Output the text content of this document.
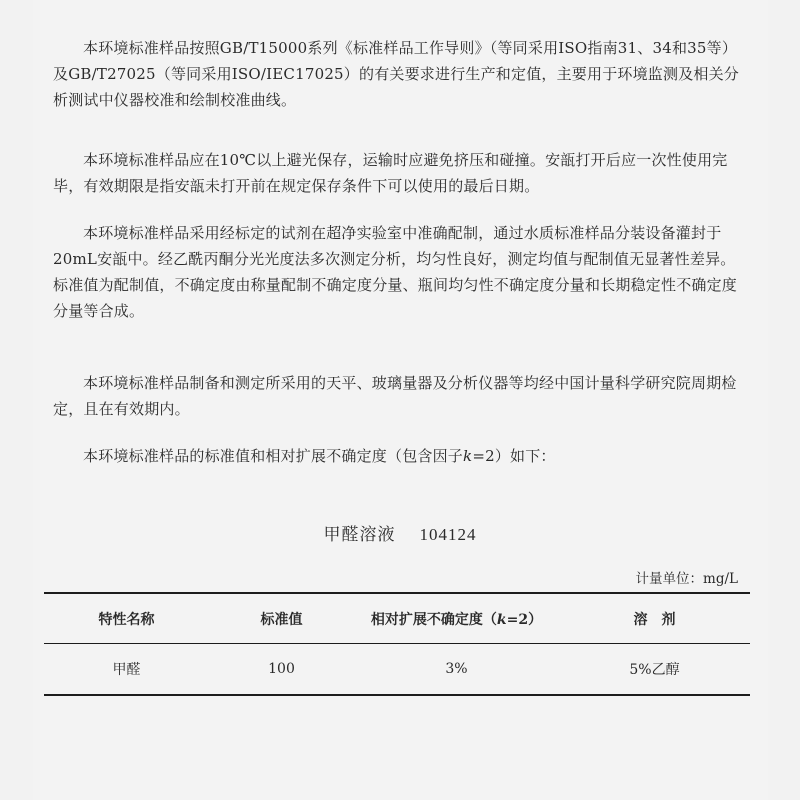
本环境标准样品按照GB/T15000系列《标准样品工作导则》（等同采用ISO指南31、34和35等）及GB/T27025（等同采用ISO/IEC17025）的有关要求进行生产和定值，主要用于环境监测及相关分析测试中仪器校准和绘制校准曲线。

本环境标准样品应在10℃以上避光保存，运输时应避免挤压和碰撞。安瓿打开后应一次性使用完毕，有效期限是指安瓿未打开前在规定保存条件下可以使用的最后日期。

本环境标准样品采用经标定的试剂在超净实验室中准确配制，通过水质标准样品分装设备灌封于20mL安瓿中。经乙酰丙酮分光光度法多次测定分析，均匀性良好，测定均值与配制值无显著性差异。标准值为配制值，不确定度由称量配制不确定度分量、瓶间均匀性不确定度分量和长期稳定性不确定度分量等合成。

本环境标准样品制备和测定所采用的天平、玻璃量器及分析仪器等均经中国计量科学研究院周期检定，且在有效期内。

本环境标准样品的标准值和相对扩展不确定度（包含因子k=2）如下：

甲醛溶液 104124
计量单位：mg/L
特性名称	标准值	相对扩展不确定度（k=2）	溶　剂
甲醛	100	3%	5%乙醇
